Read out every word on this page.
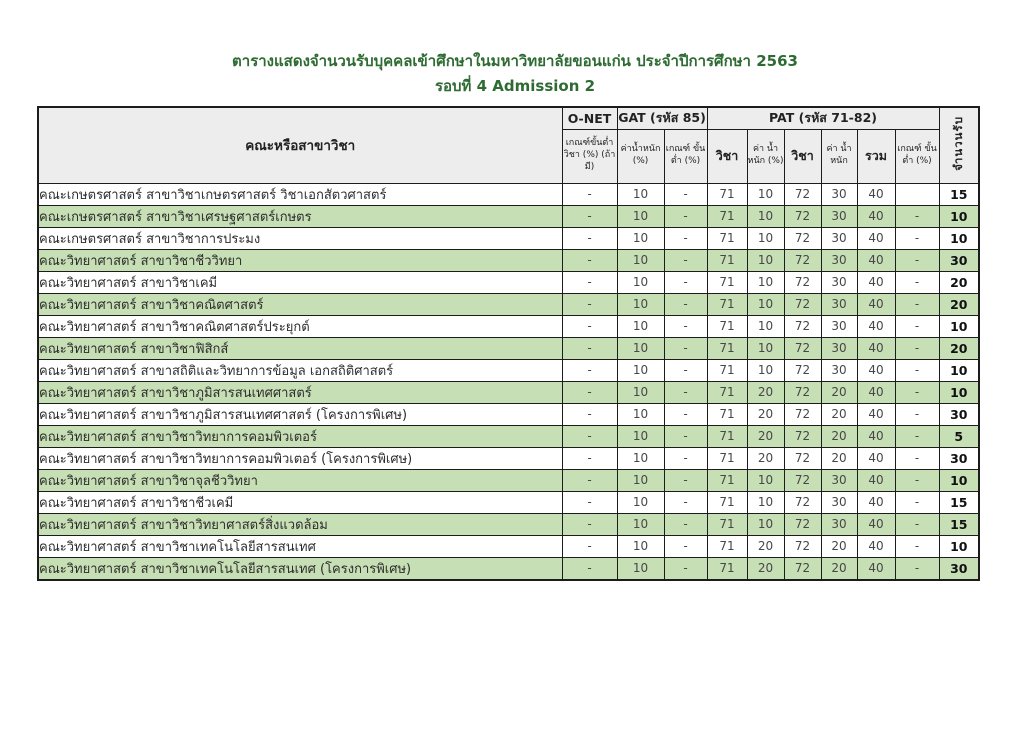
ตารางแสดงจำนวนรับบุคคลเข้าศึกษาในมหาวิทยาลัยขอนแก่น ประจำปีการศึกษา 2563
รอบที่ 4 Admission 2
คณะหรือสาขาวิชา	O-NET	GAT (รหัส 85)		PAT (รหัส 71-82)						จำนวนรับ
	เกณฑ์ขั้นต่ำวิชา (%) (ถ้ามี)	ค่าน้ำหนัก (%)	เกณฑ์ ขั้นต่ำ (%)	วิชา	ค่า น้ำหนัก (%)	วิชา	ค่า น้ำหนัก	รวม	เกณฑ์ ขั้นต่ำ (%)	
คณะเกษตรศาสตร์ สาขาวิชาเกษตรศาสตร์ วิชาเอกสัตวศาสตร์	-	10	-	71	10	72	30	40		15
คณะเกษตรศาสตร์ สาขาวิชาเศรษฐศาสตร์เกษตร	-	10	-	71	10	72	30	40	-	10
คณะเกษตรศาสตร์ สาขาวิชาการประมง	-	10	-	71	10	72	30	40	-	10
คณะวิทยาศาสตร์ สาขาวิชาชีววิทยา	-	10	-	71	10	72	30	40	-	30
คณะวิทยาศาสตร์ สาขาวิชาเคมี	-	10	-	71	10	72	30	40	-	20
คณะวิทยาศาสตร์ สาขาวิชาคณิตศาสตร์	-	10	-	71	10	72	30	40	-	20
คณะวิทยาศาสตร์ สาขาวิชาคณิตศาสตร์ประยุกต์	-	10	-	71	10	72	30	40	-	10
คณะวิทยาศาสตร์ สาขาวิชาฟิสิกส์	-	10	-	71	10	72	30	40	-	20
คณะวิทยาศาสตร์ สาขาสถิติและวิทยาการข้อมูล เอกสถิติศาสตร์	-	10	-	71	10	72	30	40	-	10
คณะวิทยาศาสตร์ สาขาวิชาภูมิสารสนเทศศาสตร์	-	10	-	71	20	72	20	40	-	10
คณะวิทยาศาสตร์ สาขาวิชาภูมิสารสนเทศศาสตร์ (โครงการพิเศษ)	-	10	-	71	20	72	20	40	-	30
คณะวิทยาศาสตร์ สาขาวิชาวิทยาการคอมพิวเตอร์	-	10	-	71	20	72	20	40	-	5
คณะวิทยาศาสตร์ สาขาวิชาวิทยาการคอมพิวเตอร์ (โครงการพิเศษ)	-	10	-	71	20	72	20	40	-	30
คณะวิทยาศาสตร์ สาขาวิชาจุลชีววิทยา	-	10	-	71	10	72	30	40	-	10
คณะวิทยาศาสตร์ สาขาวิชาชีวเคมี	-	10	-	71	10	72	30	40	-	15
คณะวิทยาศาสตร์ สาขาวิชาวิทยาศาสตร์สิ่งแวดล้อม	-	10	-	71	10	72	30	40	-	15
คณะวิทยาศาสตร์ สาขาวิชาเทคโนโลยีสารสนเทศ	-	10	-	71	20	72	20	40	-	10
คณะวิทยาศาสตร์ สาขาวิชาเทคโนโลยีสารสนเทศ (โครงการพิเศษ)	-	10	-	71	20	72	20	40	-	30
